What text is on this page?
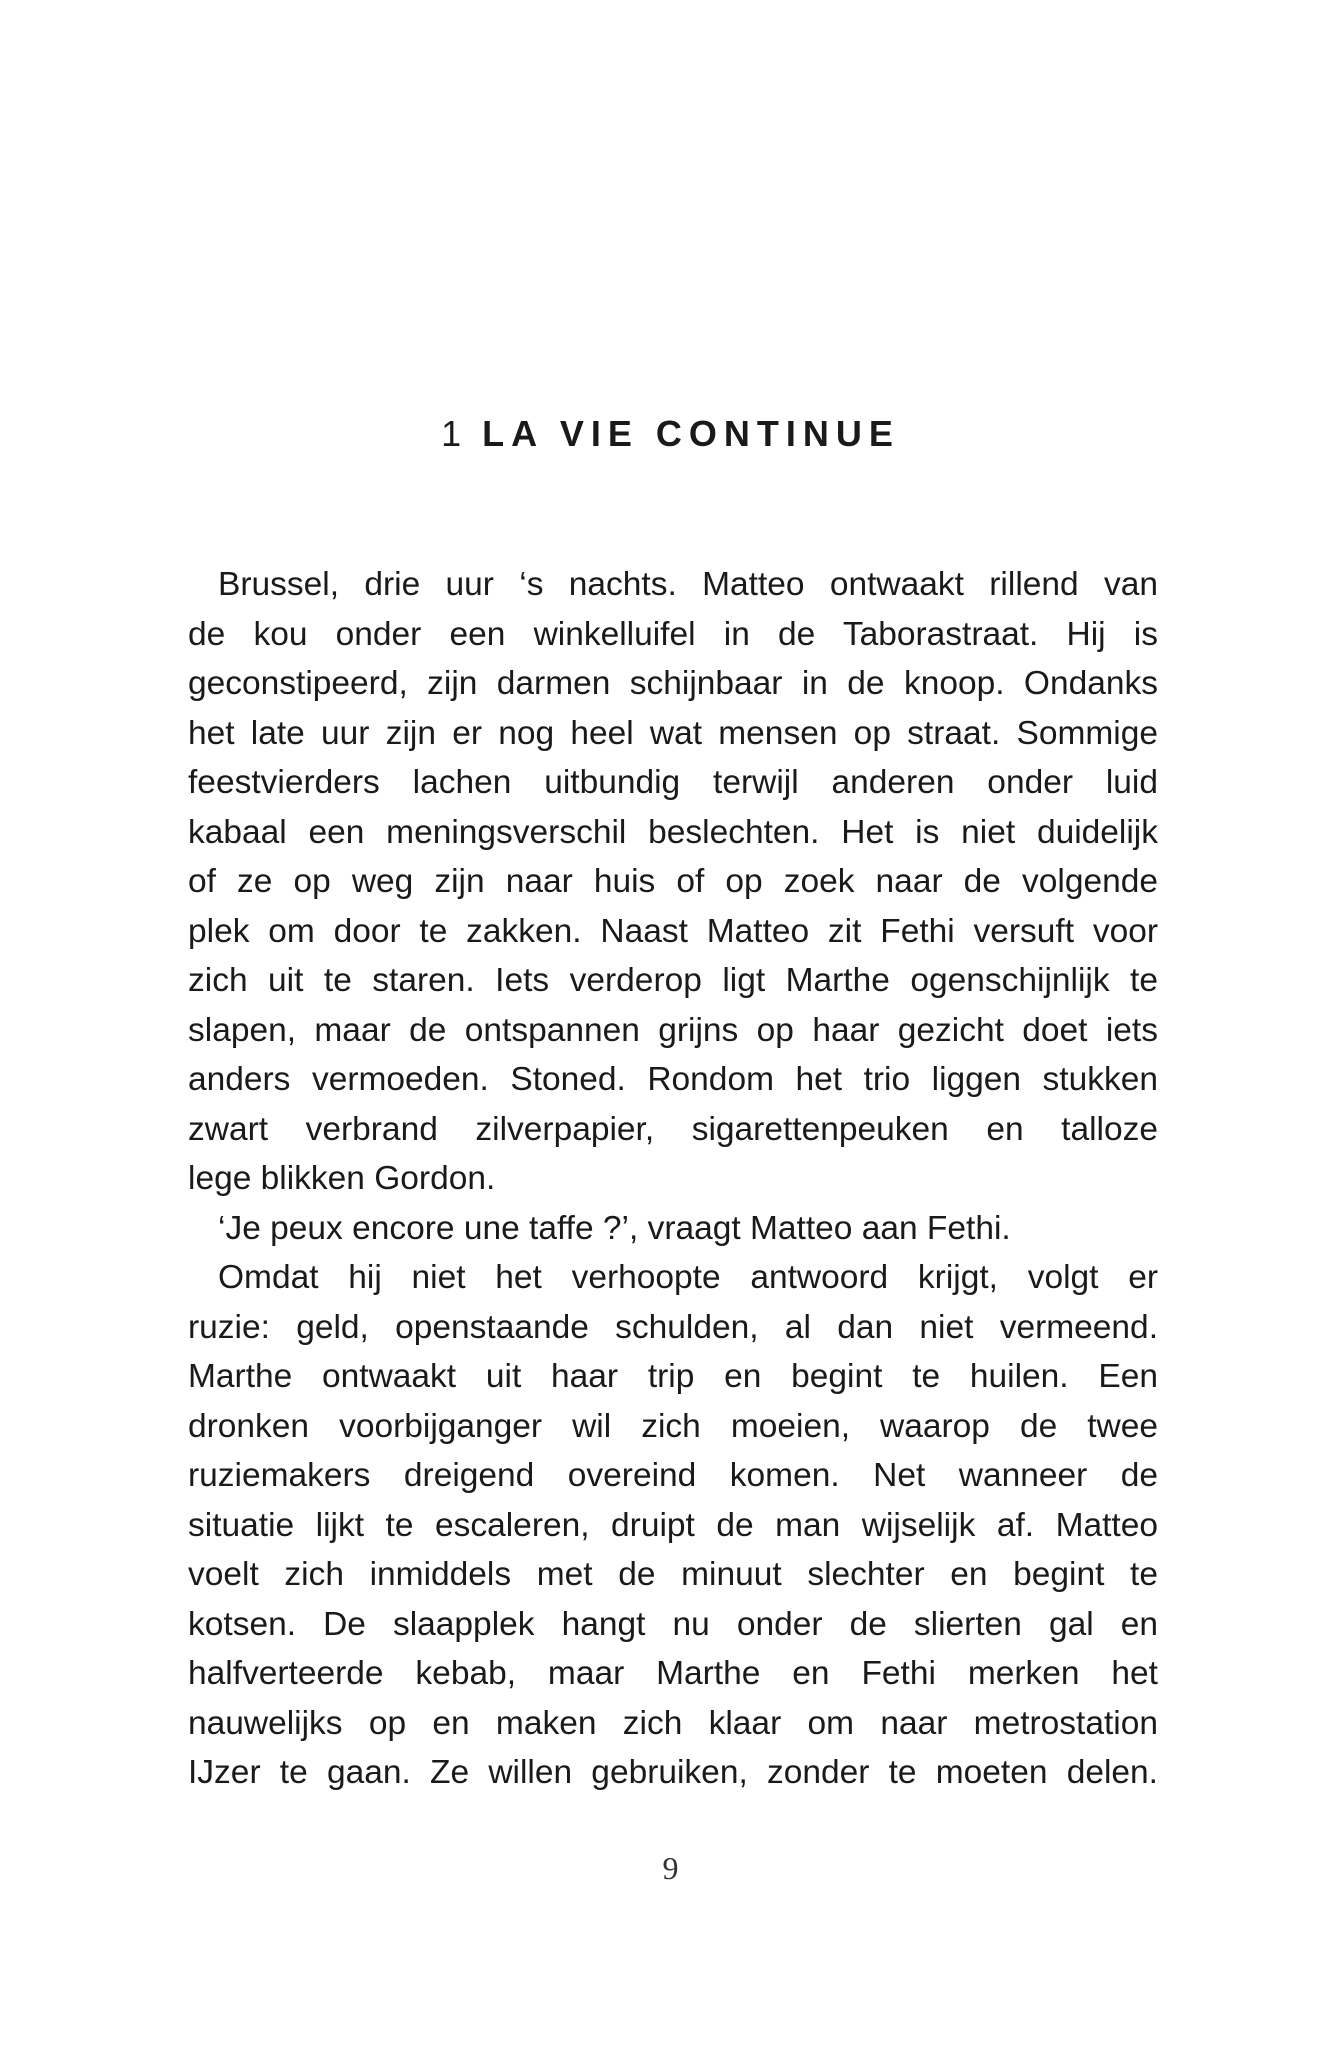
1 LA VIE CONTINUE
Brussel, drie uur ‘s nachts. Matteo ontwaakt rillend van
de kou onder een winkelluifel in de Taborastraat. Hij is
geconstipeerd, zijn darmen schijnbaar in de knoop. Ondanks
het late uur zijn er nog heel wat mensen op straat. Sommige
feestvierders lachen uitbundig terwijl anderen onder luid
kabaal een meningsverschil beslechten. Het is niet duidelijk
of ze op weg zijn naar huis of op zoek naar de volgende
plek om door te zakken. Naast Matteo zit Fethi versuft voor
zich uit te staren. Iets verderop ligt Marthe ogenschijnlijk te
slapen, maar de ontspannen grijns op haar gezicht doet iets
anders vermoeden. Stoned. Rondom het trio liggen stukken
zwart verbrand zilverpapier, sigarettenpeuken en talloze
lege blikken Gordon.
‘Je peux encore une taffe ?’, vraagt Matteo aan Fethi.
Omdat hij niet het verhoopte antwoord krijgt, volgt er
ruzie: geld, openstaande schulden, al dan niet vermeend.
Marthe ontwaakt uit haar trip en begint te huilen. Een
dronken voorbijganger wil zich moeien, waarop de twee
ruziemakers dreigend overeind komen. Net wanneer de
situatie lijkt te escaleren, druipt de man wijselijk af. Matteo
voelt zich inmiddels met de minuut slechter en begint te
kotsen. De slaapplek hangt nu onder de slierten gal en
halfverteerde kebab, maar Marthe en Fethi merken het
nauwelijks op en maken zich klaar om naar metrostation
IJzer te gaan. Ze willen gebruiken, zonder te moeten delen.
9
